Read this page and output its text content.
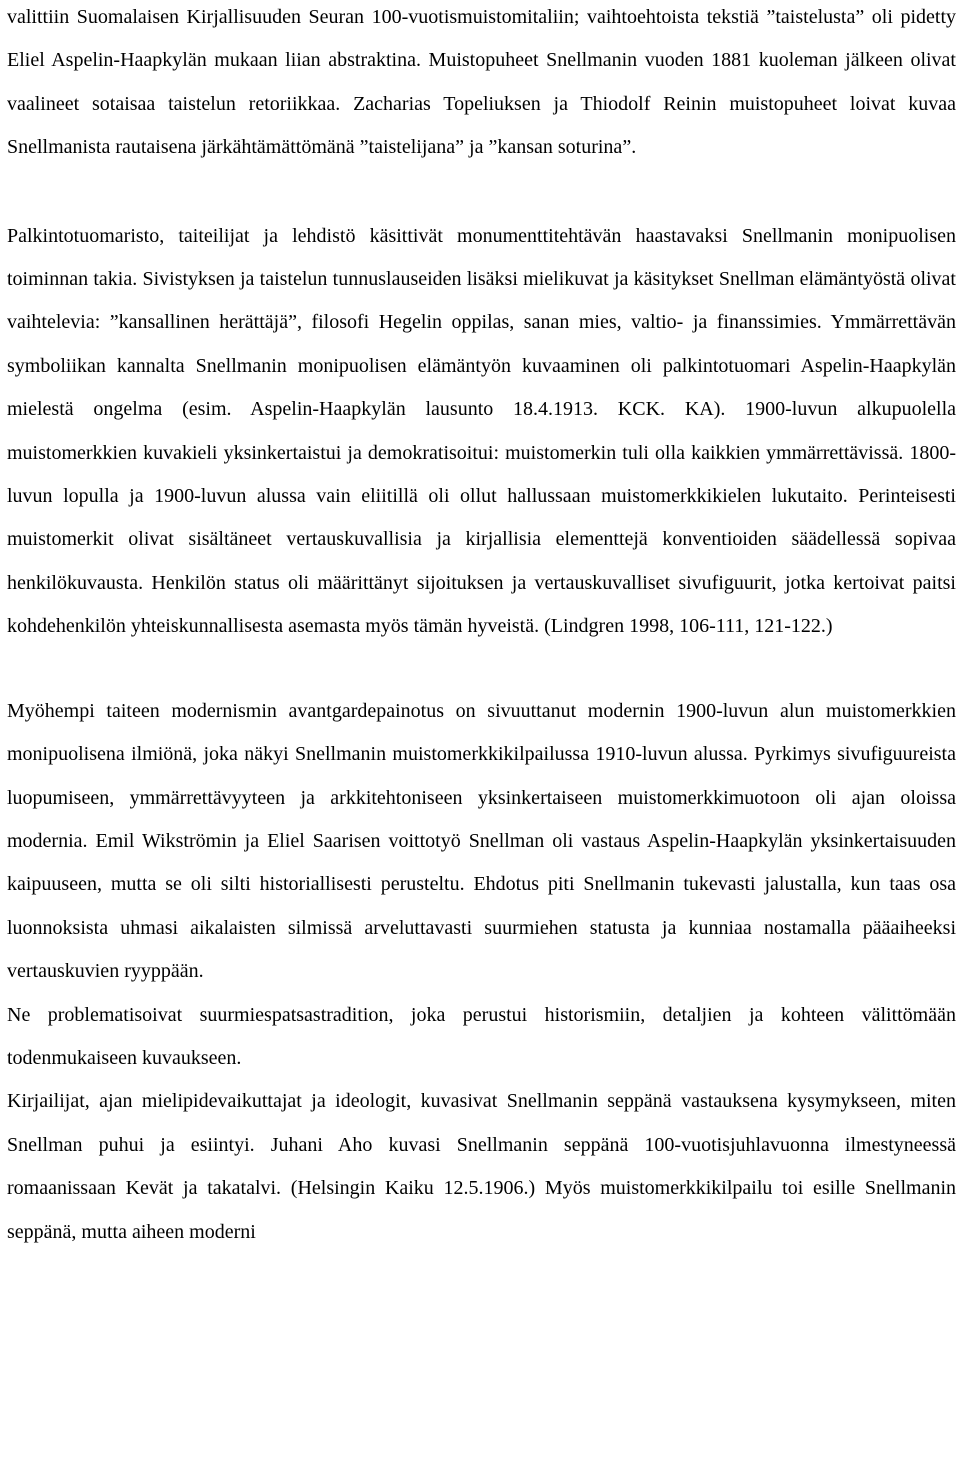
valittiin Suomalaisen Kirjallisuuden Seuran 100-vuotismuistomitaliin; vaihtoehtoista tekstiä ”taistelusta” oli pidetty Eliel Aspelin-Haapkylän mukaan liian abstraktina. Muistopuheet Snellmanin vuoden 1881 kuoleman jälkeen olivat vaalineet sotaisaa taistelun retoriikkaa. Zacharias Topeliuksen ja Thiodolf Reinin muistopuheet loivat kuvaa Snellmanista rautaisena järkähtämättömänä ”taistelijana” ja ”kansan soturina”.

Palkintotuomaristo, taiteilijat ja lehdistö käsittivät monumenttitehtävän haastavaksi Snellmanin monipuolisen toiminnan takia. Sivistyksen ja taistelun tunnuslauseiden lisäksi mielikuvat ja käsitykset Snellman elämäntyöstä olivat vaihtelevia: ”kansallinen herättäjä”, filosofi Hegelin oppilas, sanan mies, valtio- ja finanssimies. Ymmärrettävän symboliikan kannalta Snellmanin monipuolisen elämäntyön kuvaaminen oli palkintotuomari Aspelin-Haapkylän mielestä ongelma (esim. Aspelin-Haapkylän lausunto 18.4.1913. KCK. KA). 1900-luvun alkupuolella muistomerkkien kuvakieli yksinkertaistui ja demokratisoitui: muistomerkin tuli olla kaikkien ymmärrettävissä. 1800-luvun lopulla ja 1900-luvun alussa vain eliitillä oli ollut hallussaan muistomerkkikielen lukutaito. Perinteisesti muistomerkit olivat sisältäneet vertauskuvallisia ja kirjallisia elementtejä konventioiden säädellessä sopivaa henkilökuvausta. Henkilön status oli määrittänyt sijoituksen ja vertauskuvalliset sivufiguurit, jotka kertoivat paitsi kohdehenkilön yhteiskunnallisesta asemasta myös tämän hyveistä. (Lindgren 1998, 106-111, 121-122.)

Myöhempi taiteen modernismin avantgardepainotus on sivuuttanut modernin 1900-luvun alun muistomerkkien monipuolisena ilmiönä, joka näkyi Snellmanin muistomerkkikilpailussa 1910-luvun alussa. Pyrkimys sivufiguureista luopumiseen, ymmärrettävyyteen ja arkkitehtoniseen yksinkertaiseen muistomerkkimuotoon oli ajan oloissa modernia. Emil Wikströmin ja Eliel Saarisen voittotyö Snellman oli vastaus Aspelin-Haapkylän yksinkertaisuuden kaipuuseen, mutta se oli silti historiallisesti perusteltu. Ehdotus piti Snellmanin tukevasti jalustalla, kun taas osa luonnoksista uhmasi aikalaisten silmissä arveluttavasti suurmiehen statusta ja kunniaa nostamalla pääaiheeksi vertauskuvien ryyppään.

Ne problematisoivat suurmiespatsastradition, joka perustui historismiin, detaljien ja kohteen välittömään todenmukaiseen kuvaukseen.

Kirjailijat, ajan mielipidevaikuttajat ja ideologit, kuvasivat Snellmanin seppänä vastauksena kysymykseen, miten Snellman puhui ja esiintyi. Juhani Aho kuvasi Snellmanin seppänä 100-vuotisjuhlavuonna ilmestyneessä romaanissaan Kevät ja takatalvi. (Helsingin Kaiku 12.5.1906.) Myös muistomerkkikilpailu toi esille Snellmanin seppänä, mutta aiheen moderni
